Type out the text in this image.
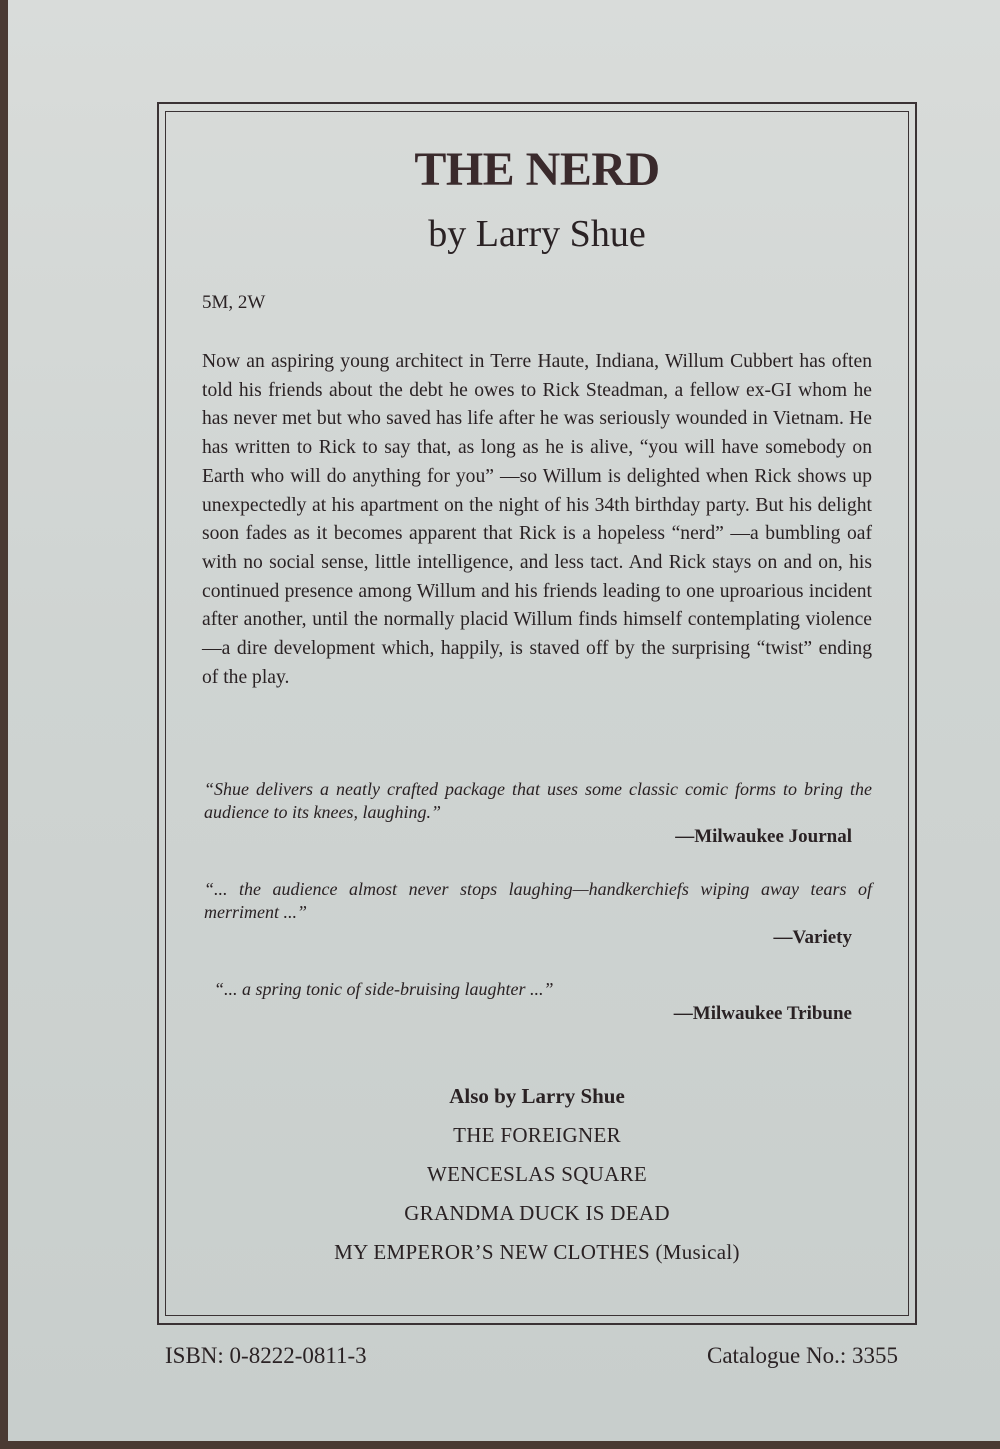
THE NERD
by Larry Shue
5M, 2W
Now an aspiring young architect in Terre Haute, Indiana, Willum Cubbert has often told his friends about the debt he owes to Rick Steadman, a fellow ex-GI whom he has never met but who saved has life after he was seriously wounded in Vietnam. He has written to Rick to say that, as long as he is alive, “you will have somebody on Earth who will do anything for you” —so Willum is delighted when Rick shows up unexpectedly at his apartment on the night of his 34th birthday party. But his delight soon fades as it becomes apparent that Rick is a hopeless “nerd” —a bumbling oaf with no social sense, little intelligence, and less tact. And Rick stays on and on, his continued presence among Willum and his friends leading to one uproarious incident after another, until the normally placid Willum finds himself contemplating violence—a dire development which, happily, is staved off by the surprising “twist” ending of the play.
“Shue delivers a neatly crafted package that uses some classic comic forms to bring the audience to its knees, laughing.”
—Milwaukee Journal
“... the audience almost never stops laughing—handkerchiefs wiping away tears of merriment ...”
—Variety
“... a spring tonic of side-bruising laughter ...”
—Milwaukee Tribune
Also by Larry Shue
THE FOREIGNER
WENCESLAS SQUARE
GRANDMA DUCK IS DEAD
MY EMPEROR’S NEW CLOTHES (Musical)
ISBN: 0-8222-0811-3	Catalogue No.: 3355
